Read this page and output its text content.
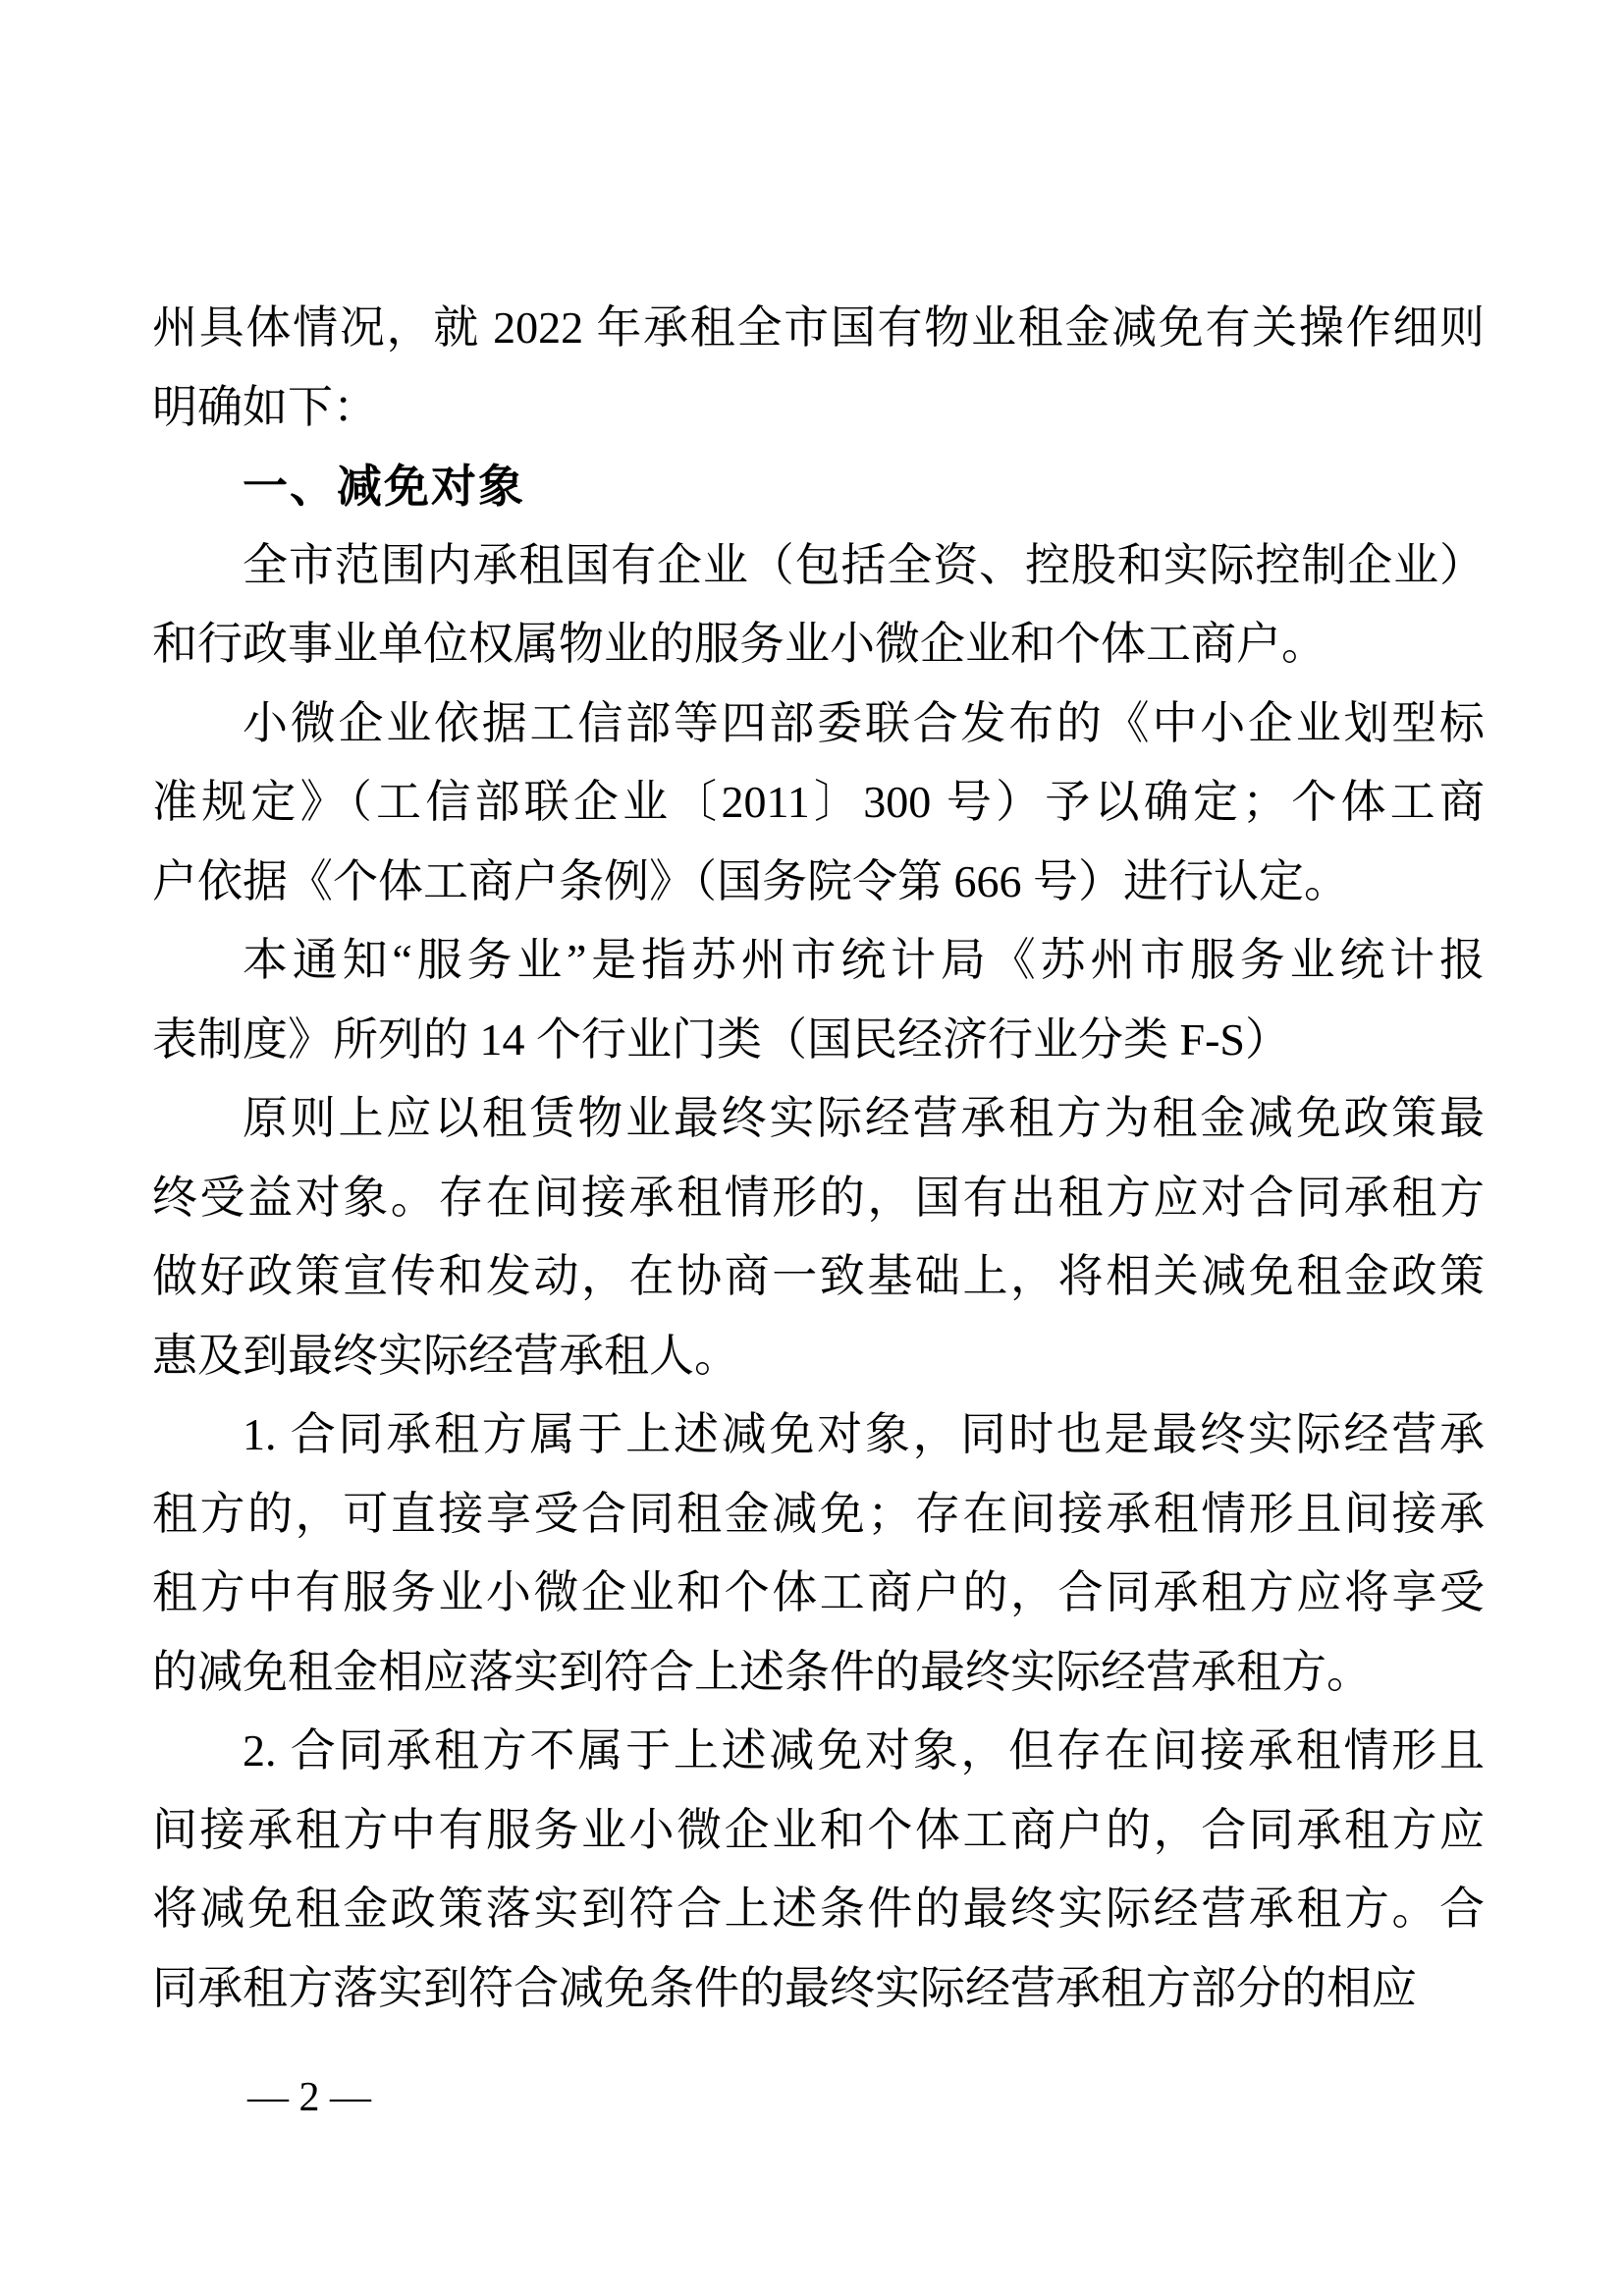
州具体情况，就 2022 年承租全市国有物业租金减免有关操作细则
明确如下：
一、减免对象
全市范围内承租国有企业（包括全资、控股和实际控制企业）
和行政事业单位权属物业的服务业小微企业和个体工商户。
小微企业依据工信部等四部委联合发布的《中小企业划型标
准规定》（工信部联企业〔2011〕300 号）予以确定；个体工商
户依据《个体工商户条例》（国务院令第 666 号）进行认定。
本通知“服务业”是指苏州市统计局《苏州市服务业统计报
表制度》所列的 14 个行业门类（国民经济行业分类 F-S）
原则上应以租赁物业最终实际经营承租方为租金减免政策最
终受益对象。存在间接承租情形的，国有出租方应对合同承租方
做好政策宣传和发动，在协商一致基础上，将相关减免租金政策
惠及到最终实际经营承租人。
1. 合同承租方属于上述减免对象，同时也是最终实际经营承
租方的，可直接享受合同租金减免；存在间接承租情形且间接承
租方中有服务业小微企业和个体工商户的，合同承租方应将享受
的减免租金相应落实到符合上述条件的最终实际经营承租方。
2. 合同承租方不属于上述减免对象，但存在间接承租情形且
间接承租方中有服务业小微企业和个体工商户的，合同承租方应
将减免租金政策落实到符合上述条件的最终实际经营承租方。合
同承租方落实到符合减免条件的最终实际经营承租方部分的相应
— 2 —
